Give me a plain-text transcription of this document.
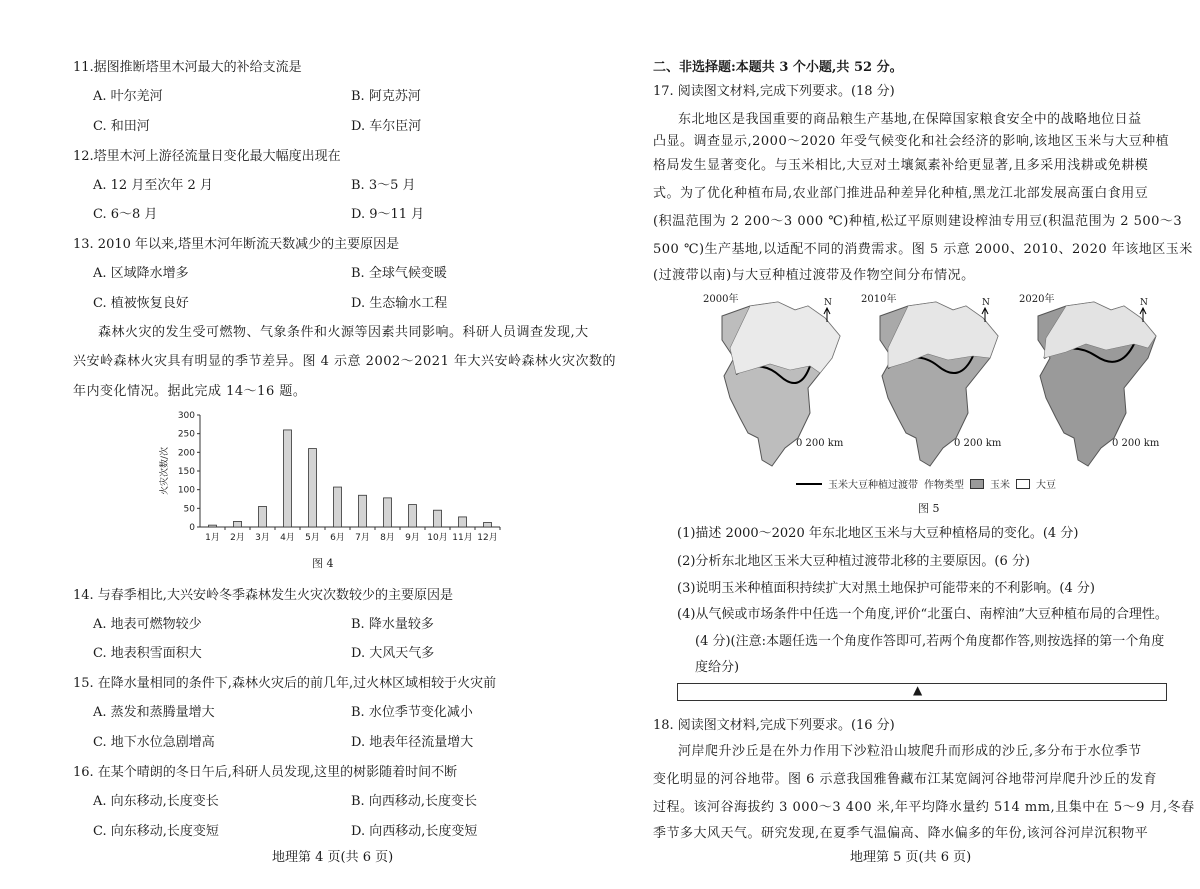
11.据图推断塔里木河最大的补给支流是
A. 叶尔羌河	B. 阿克苏河
C. 和田河	D. 车尔臣河
12.塔里木河上游径流量日变化最大幅度出现在
A. 12 月至次年 2 月	B. 3～5 月
C. 6～8 月	D. 9～11 月
13. 2010 年以来,塔里木河年断流天数减少的主要原因是
A. 区域降水增多	B. 全球气候变暖
C. 植被恢复良好	D. 生态输水工程
森林火灾的发生受可燃物、气象条件和火源等因素共同影响。科研人员调查发现,大
兴安岭森林火灾具有明显的季节差异。图 4 示意 2002～2021 年大兴安岭森林火灾次数的
年内变化情况。据此完成 14～16 题。
0
50
100
150
200
250
300
火灾次数/次
1月 2月 3月 4月 5月 6月 7月 8月 9月 10月 11月 12月
图 4
14. 与春季相比,大兴安岭冬季森林发生火灾次数较少的主要原因是
A. 地表可燃物较少	B. 降水量较多
C. 地表积雪面积大	D. 大风天气多
15. 在降水量相同的条件下,森林火灾后的前几年,过火林区域相较于火灾前
A. 蒸发和蒸腾量增大	B. 水位季节变化减小
C. 地下水位急剧增高	D. 地表年径流量增大
16. 在某个晴朗的冬日午后,科研人员发现,这里的树影随着时间不断
A. 向东移动,长度变长	B. 向西移动,长度变长
C. 向东移动,长度变短	D. 向西移动,长度变短
地理第 4 页(共 6 页)
二、非选择题:本题共 3 个小题,共 52 分。
17. 阅读图文材料,完成下列要求。(18 分)
东北地区是我国重要的商品粮生产基地,在保障国家粮食安全中的战略地位日益
凸显。调查显示,2000～2020 年受气候变化和社会经济的影响,该地区玉米与大豆种植
格局发生显著变化。与玉米相比,大豆对土壤氮素补给更显著,且多采用浅耕或免耕模
式。为了优化种植布局,农业部门推进品种差异化种植,黑龙江北部发展高蛋白食用豆
(积温范围为 2 200～3 000 ℃)种植,松辽平原则建设榨油专用豆(积温范围为 2 500～3
500 ℃)生产基地,以适配不同的消费需求。图 5 示意 2000、2010、2020 年该地区玉米
(过渡带以南)与大豆种植过渡带及作物空间分布情况。
2000年	N
0 200 km
2010年	N
0 200 km
2020年	N
0 200 km
玉米大豆种植过渡带 作物类型	玉米	大豆
图 5
(1)描述 2000～2020 年东北地区玉米与大豆种植格局的变化。(4 分)
(2)分析东北地区玉米大豆种植过渡带北移的主要原因。(6 分)
(3)说明玉米种植面积持续扩大对黑土地保护可能带来的不利影响。(4 分)
(4)从气候或市场条件中任选一个角度,评价“北蛋白、南榨油”大豆种植布局的合理性。
(4 分)(注意:本题任选一个角度作答即可,若两个角度都作答,则按选择的第一个角度
度给分)
▲
18. 阅读图文材料,完成下列要求。(16 分)
河岸爬升沙丘是在外力作用下沙粒沿山坡爬升而形成的沙丘,多分布于水位季节
变化明显的河谷地带。图 6 示意我国雅鲁藏布江某宽阔河谷地带河岸爬升沙丘的发育
过程。该河谷海拔约 3 000～3 400 米,年平均降水量约 514 mm,且集中在 5～9 月,冬春
季节多大风天气。研究发现,在夏季气温偏高、降水偏多的年份,该河谷河岸沉积物平
地理第 5 页(共 6 页)
